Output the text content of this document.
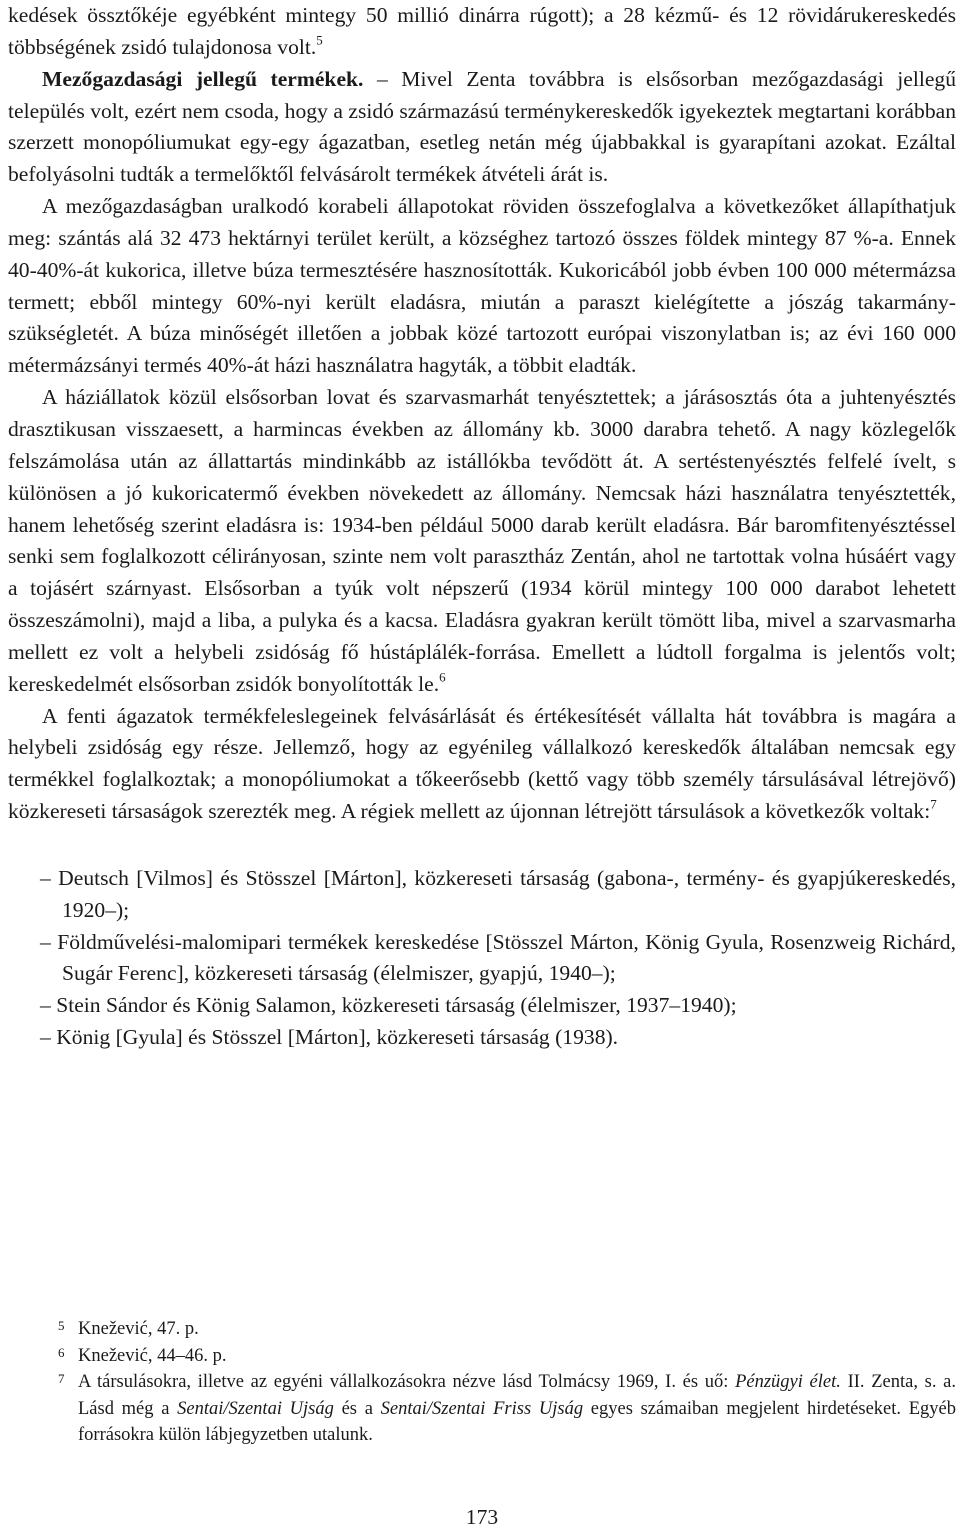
kedések össztőkéje egyébként mintegy 50 millió dinárra rúgott); a 28 kézmű- és 12 rövidárukereskedés többségének zsidó tulajdonosa volt.$^5$

Mezőgazdasági jellegű termékek. – Mivel Zenta továbbra is elsősorban mezőgazdasági jellegű település volt, ezért nem csoda, hogy a zsidó származású terménykereskedők igyekeztek megtartani korábban szerzett monopóliumukat egy-egy ágazatban, esetleg netán még újabbakkal is gyarapítani azokat. Ezáltal befolyásolni tudták a termelőktől felvásárolt termékek átvételi árát is.

A mezőgazdaságban uralkodó korabeli állapotokat röviden összefoglalva a következőket állapíthatjuk meg: szántás alá 32 473 hektárnyi terület került, a községhez tartozó összes földek mintegy 87 %-a. Ennek 40-40%-át kukorica, illetve búza termesztésére hasznosították. Kukoricából jobb évben 100 000 métermázsa termett; ebből mintegy 60%-nyi került eladásra, miután a paraszt kielégítette a jószág takarmány-szükségletét. A búza minőségét illetően a jobbak közé tartozott európai viszonylatban is; az évi 160 000 métermázsányi termés 40%-át házi használatra hagyták, a többit eladták.

A háziállatok közül elsősorban lovat és szarvasmarhát tenyésztettek; a járásosztás óta a juhtenyésztés drasztikusan visszaesett, a harmincas években az állomány kb. 3000 darabra tehető. A nagy közlegelők felszámolása után az állattartás mindinkább az istállókba tevődött át. A sertéstenyésztés felfelé ívelt, s különösen a jó kukoricatermő években növekedett az állomány. Nemcsak házi használatra tenyésztették, hanem lehetőség szerint eladásra is: 1934-ben például 5000 darab került eladásra. Bár baromfitenyésztéssel senki sem foglalkozott célirányosan, szinte nem volt parasztház Zentán, ahol ne tartottak volna húsáért vagy a tojásért szárnyast. Elsősorban a tyúk volt népszerű (1934 körül mintegy 100 000 darabot lehetett összeszámolni), majd a liba, a pulyka és a kacsa. Eladásra gyakran került tömött liba, mivel a szarvasmarha mellett ez volt a helybeli zsidóság fő hústáplálék-forrása. Emellett a lúdtoll forgalma is jelentős volt; kereskedelmét elsősorban zsidók bonyolították le.$^6$

A fenti ágazatok termékfeleslegeinek felvásárlását és értékesítését vállalta hát továbbra is magára a helybeli zsidóság egy része. Jellemző, hogy az egyénileg vállalkozó kereskedők általában nemcsak egy termékkel foglalkoztak; a monopóliumokat a tőkeerősebb (kettő vagy több személy társulásával létrejövő) közkereseti társaságok szerezték meg. A régiek mellett az újonnan létrejött társulások a következők voltak:$^7$

– Deutsch [Vilmos] és Stösszel [Márton], közkereseti társaság (gabona-, termény- és gyapjúkereskedés, 1920–);
– Földművelési-malomipari termékek kereskedése [Stösszel Márton, König Gyula, Rosenzweig Richárd, Sugár Ferenc], közkereseti társaság (élelmiszer, gyapjú, 1940–);
– Stein Sándor és König Salamon, közkereseti társaság (élelmiszer, 1937–1940);
– König [Gyula] és Stösszel [Márton], közkereseti társaság (1938).
5 Knežević, 47. p.
6 Knežević, 44–46. p.
7 A társulásokra, illetve az egyéni vállalkozásokra nézve lásd Tolmácsy 1969, I. és uő: Pénzügyi élet. II. Zenta, s. a. Lásd még a Sentai/Szentai Ujság és a Sentai/Szentai Friss Ujság egyes számaiban megjelent hirdetéseket. Egyéb forrásokra külön lábjegyzetben utalunk.
173
